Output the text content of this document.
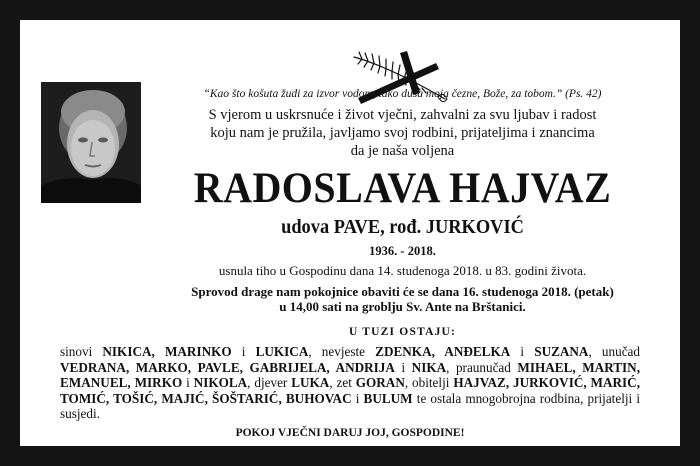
“Kao što košuta žudi za izvor vodom, tako duša moja čezne, Bože, za tobom.” (Ps. 42)
S vjerom u uskrsnuće i život vječni, zahvalni za svu ljubav i radost
koju nam je pružila, javljamo svoj rodbini, prijateljima i znancima
da je naša voljena
RADOSLAVA HAJVAZ
udova PAVE, rođ. JURKOVIĆ
1936. - 2018.
usnula tiho u Gospodinu dana 14. studenoga 2018. u 83. godini života.
Sprovod drage nam pokojnice obaviti će se dana 16. studenoga 2018. (petak)
u 14,00 sati na groblju Sv. Ante na Brštanici.
U TUZI OSTAJU:
sinovi NIKICA, MARINKO i LUKICA, nevjeste ZDENKA, ANĐELKA i SUZANA, unučad VEDRANA, MARKO, PAVLE, GABRIJELA, ANDRIJA i NIKA, praunučad MIHAEL, MARTIN, EMANUEL, MIRKO i NIKOLA, djever LUKA, zet GORAN, obitelji HAJVAZ, JURKOVIĆ, MARIĆ, TOMIĆ, TOŠIĆ, MAJIĆ, ŠOŠTARIĆ, BUHOVAC i BULUM te ostala mnogobrojna rodbina, prijatelji i susjedi.
POKOJ VJEČNI DARUJ JOJ, GOSPODINE!
